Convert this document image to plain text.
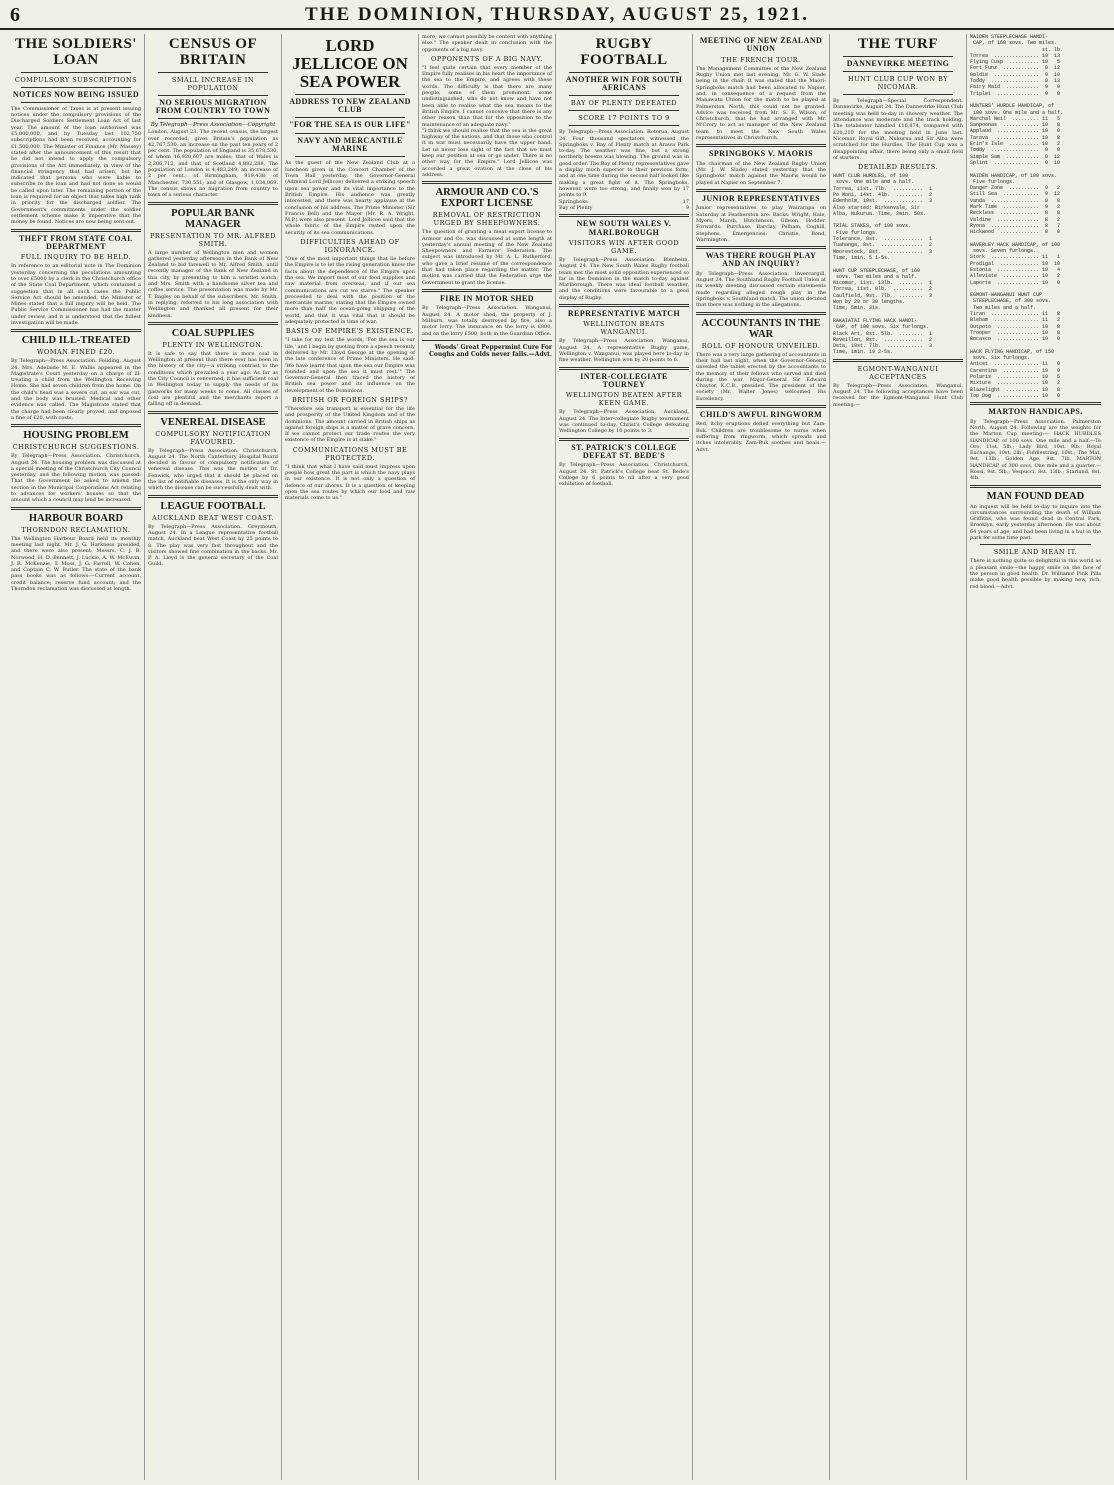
6	THE DOMINION, THURSDAY, AUGUST 25, 1921.
THE SOLDIERS' LOAN
COMPULSORY SUBSCRIPTIONS
NOTICES NOW BEING ISSUED
The Commissioner of Taxes is at present issuing notices under the compulsory provisions of the Discharged Soldiers Settlement Loan Act of last year. The amount of the loan authorised was £5,000,000, and by Tuesday last 102,750 subscriptions had been received, accounting for £1,500,000. The Minister of Finance (Mr. Massey) stated after the announcement of this result that he did not intend to apply the compulsory provisions of the Act immediately, in view of the financial stringency that had arisen, but he indicated that persons who were liable to subscribe to the loan and had not done so would be called upon later. The remaining portion of the loan is required for an object that takes high rank in priority for the discharged soldier. The Government's commitments under the soldier settlement scheme make it imperative that the money be found. Notices are now being sent out.
THEFT FROM STATE COAL DEPARTMENT
FULL INQUIRY TO BE HELD.
In reference to an editorial note in The Dominion yesterday concerning the peculations amounting to over £5000 by a clerk in the Christchurch office of the State Coal Department, which contained a suggestion that in all such cases the Public Service Act should be amended, the Minister of Mines stated that a full inquiry will be held. The Public Service Commissioner has had the matter under review, and it is understood that the fullest investigation will be made.
CHILD ILL-TREATED
WOMAN FINED £20.
By Telegraph—Press Association. Feilding, August 24. Mrs. Adelaide M. E. Wallis appeared in the Magistrate's Court yesterday on a charge of ill-treating a child from the Wellington Receiving Home. She had seven children from the home. On the child's head was a severe cut, an ear was cut, and the body was bruised. Medical and other evidence was called. The Magistrate stated that the charge had been clearly proved, and imposed a fine of £20, with costs.
HOUSING PROBLEM
CHRISTCHURCH SUGGESTIONS.
By Telegraph—Press Association. Christchurch, August 24. The housing problem was discussed at a special meeting of the Christchurch City Council yesterday, and the following motion was passed: That the Government be asked to amend the section in the Municipal Corporations Act relating to advances for workers' houses so that the amount which a council may lend be increased.
HARBOUR BOARD
THORNDON RECLAMATION.
The Wellington Harbour Board held its monthly meeting last night. Mr. J. G. Harkness presided, and there were also present: Messrs. C. J. B. Norwood, H. D. Bennett, J. Luckie, A. W. McEwan, J. R. McKenzie, T. Moss, J. G. Farrell, W. Cohen, and Captain C. W. Butler. The state of the bank pass books was as follows:—Current account, credit balance; reserve fund account; and the Thorndon reclamation was discussed at length.
CENSUS OF BRITAIN
SMALL INCREASE IN POPULATION
NO SERIOUS MIGRATION FROM COUNTRY TO TOWN
By Telegraph—Press Association—Copyright
London, August 23. The recent census, the largest ever recorded, gives Britain's population as 42,767,530, an increase on the past ten years of 2 per cent. The population of England is 35,678,530, of whom 16,920,607 are males; that of Wales is 2,206,712, and that of Scotland 4,882,288. The population of London is 4,483,249, an increase of 2 per cent.; of Birmingham, 919,438; of Manchester, 730,551; and of Glasgow, 1,034,069. The census shows no migration from country to town of a serious character.
POPULAR BANK MANAGER
PRESENTATION TO MR. ALFRED SMITH.
A large number of Wellington men and women gathered yesterday afternoon in the Bank of New Zealand to bid farewell to Mr. Alfred Smith, until recently manager of the Bank of New Zealand in this city, by presenting to him a wristlet watch, and Mrs. Smith with a handsome silver tea and coffee service. The presentation was made by Mr. T. Bagley on behalf of the subscribers. Mr. Smith, in replying, referred to his long association with Wellington and thanked all present for their kindness.
COAL SUPPLIES
PLENTY IN WELLINGTON.
It is safe to say that there is more coal in Wellington at present than there ever has been in the history of the city—a striking contrast to the conditions which prevailed a year ago. As far as the City Council is concerned, it has sufficient coal in Wellington today to supply the needs of its gasworks for many weeks to come. All classes of coal are plentiful and the merchants report a falling off in demand.
VENEREAL DISEASE
COMPULSORY NOTIFICATION FAVOURED.
By Telegraph—Press Association. Christchurch, August 24. The North Canterbury Hospital Board decided in favour of compulsory notification of venereal disease. This was the motion of Dr. Fenwick, who urged that it should be placed on the list of notifiable diseases. It is the only way in which the disease can be successfully dealt with.
LEAGUE FOOTBALL
AUCKLAND BEAT WEST COAST.
By Telegraph—Press Association. Greymouth, August 24. In a League representative football match, Auckland beat West Coast by 25 points to 8. The play was very fast throughout and the visitors showed fine combination in the backs. Mr. P. A. Lloyd is the general secretary of the Coal Guild.
LORD JELLICOE ON SEA POWER
ADDRESS TO NEW ZEALAND CLUB
"FOR THE SEA IS OUR LIFE"
NAVY AND MERCANTILE MARINE
As the guest of the New Zealand Club at a luncheon given in the Concert Chamber of the Town Hall yesterday, the Governor-General (Admiral Lord Jellicoe) delivered a striking speech upon sea power and its vital importance to the British Empire. His audience was greatly interested, and there was hearty applause at the conclusion of his address. The Prime Minister (Sir Francis Bell) and the Mayor (Mr. R. A. Wright, M.P.) were also present. Lord Jellicoe said that the whole fabric of the Empire rested upon the security of its sea communications.
DIFFICULTIES AHEAD OF IGNORANCE.
"One of the most important things that lie before the Empire is to let the rising generation know the facts about the dependence of the Empire upon the sea. We import most of our food supplies and raw material from overseas, and if our sea communications are cut we starve." The speaker proceeded to deal with the position of the mercantile marine, stating that the Empire owned more than half the ocean-going shipping of the world, and that it was vital that it should be adequately protected in time of war.
BASIS OF EMPIRE'S EXISTENCE.
"I take for my text the words, 'For the sea is our life,' and I begin by quoting from a speech recently delivered by Mr. Lloyd George at the opening of the late conference of Prime Ministers. He said: 'We have learnt that upon the sea our Empire was founded and upon the sea it must rest.'" The Governor-General then traced the history of British sea power and its influence on the development of the Dominions.
BRITISH OR FOREIGN SHIPS?
"Therefore sea transport is essential for the life and prosperity of the United Kingdom and of the dominions. The amount carried in British ships as against foreign ships is a matter of grave concern. If we cannot protect our trade routes the very existence of the Empire is at stake."
COMMUNICATIONS MUST BE PROTECTED.
"I think that what I have said must impress upon people how great the part is which the navy plays in our existence. It is not only a question of defence of our shores. It is a question of keeping open the sea routes by which our food and raw materials come to us."
more; we cannot possibly be content with anything else." The speaker dealt in conclusion with the opponents of a big navy.
OPPONENTS OF A BIG NAVY.
"I feel quite certain that every member of the Empire fully realises in his heart the importance of the sea to the Empire, and agrees with these words. The difficulty is that there are many people, some of them prominent, some undistinguished, who do not know and have not been able to realise what the sea means to the British Empire. I cannot conceive that there is any other reason than that for the opposition to the maintenance of an adequate navy."
"I think we should realise that the sea is the great highway of the nations, and that those who control it in war must necessarily have the upper hand. Let us never lose sight of the fact that we must keep our position at sea or go under. There is no other way for the Empire." Lord Jellicoe was accorded a great ovation at the close of his address.
ARMOUR AND CO.'S EXPORT LICENSE
REMOVAL OF RESTRICTION URGED BY SHEEPOWNERS.
The question of granting a meat export license to Armour and Co. was discussed at some length at yesterday's annual meeting of the New Zealand Sheepowners and Farmers' Federation. The subject was introduced by Mr. A. L. Rutherford, who gave a brief résumé of the correspondence that had taken place regarding the matter. The motion was carried that the Federation urge the Government to grant the license.
FIRE IN MOTOR SHED
By Telegraph—Press Association. Wanganui, August 24. A motor shed, the property of J. Milburn, was totally destroyed by fire, also a motor lorry. The insurance on the lorry is £800, and on the lorry £500, both in the Guardian Office.
Woods' Great Peppermint Cure For Coughs and Colds never fails.—Advt.
RUGBY FOOTBALL
ANOTHER WIN FOR SOUTH AFRICANS
BAY OF PLENTY DEFEATED
SCORE 17 POINTS TO 9
By Telegraph—Press Association. Rotorua, August 24. Four thousand spectators witnessed the Springboks v. Bay of Plenty match at Arawa Park to-day. The weather was fine, but a strong northerly breeze was blowing. The ground was in good order. The Bay of Plenty representatives gave a display much superior to their previous form, and at one time during the second half looked like making a great fight of it. The Springboks, however, were too strong, and finally won by 17 points to 9.
Springboks	17
Bay of Plenty	9
NEW SOUTH WALES V. MARLBOROUGH
VISITORS WIN AFTER GOOD GAME.
By Telegraph—Press Association. Blenheim, August 24. The New South Wales Rugby football team met the most solid opposition experienced so far in the Dominion in the match to-day against Marlborough. There was ideal football weather, and the conditions were favourable to a good display of Rugby.
REPRESENTATIVE MATCH
WELLINGTON BEATS WANGANUI.
By Telegraph—Press Association. Wanganui, August 24. A representative Rugby game, Wellington v. Wanganui, was played here to-day in fine weather. Wellington won by 20 points to 6.
INTER-COLLEGIATE TOURNEY
WELLINGTON BEATEN AFTER KEEN GAME.
By Telegraph—Press Association. Auckland, August 24. The Inter-collegiate Rugby tournament was continued to-day, Christ's College defeating Wellington College by 10 points to 3.
ST. PATRICK'S COLLEGE DEFEAT ST. BEDE'S
By Telegraph—Press Association. Christchurch, August 24. St. Patrick's College beat St. Bede's College by 6 points to nil after a very good exhibition of football.
MEETING OF NEW ZEALAND UNION
THE FRENCH TOUR.
The Management Committee of the New Zealand Rugby Union met last evening, Mr. G. W. Slade being in the chair. It was stated that the Maori-Springboks match had been allocated to Napier, and, in consequence of a request from the Manawatu Union for the match to be played at Palmerston North, this could not be granted. Advice was received from Mr. S. F. Wilson, of Christchurch, that he had arranged with Mr. M'Crory to act as manager of the New Zealand team to meet the New South Wales representatives in Christchurch.
SPRINGBOKS V. MAORIS
The chairman of the New Zealand Rugby Union (Mr. J. W. Slade) stated yesterday that the Springboks' match against the Maoris would be played at Napier on September 7.
JUNIOR REPRESENTATIVES
Junior representatives to play Wairarapa on Saturday at Featherston are: Backs: Wright, Hale, Myers, Marsh, Hutchinson, Gibson, Hodder. Forwards: Purchase, Barclay, Pelham, Coghill, Stephens. Emergencies: Christie, Bond, Warmington.
WAS THERE ROUGH PLAY AND AN INQUIRY?
By Telegraph—Press Association. Invercargill, August 24. The Southland Rugby Football Union at its weekly meeting discussed certain statements made regarding alleged rough play in the Springboks v. Southland match. The union decided that there was nothing in the allegations.
ACCOUNTANTS IN THE WAR
ROLL OF HONOUR UNVEILED.
There was a very large gathering of accountants in their hall last night, when the Governor-General unveiled the tablet erected by the accountants to the memory of their fellows who served and died during the war. Major-General Sir Edward Chaytor, K.C.B., presided. The president of the society (Mr. Walter Jones) welcomed His Excellency.
CHILD'S AWFUL RINGWORM
Red, itchy eruptions defied everything but Zam-Buk. Children are troublesome to nurse when suffering from ringworm, which spreads and itches intolerably. Zam-Buk soothes and heals.—Advt.
THE TURF
DANNEVIRKE MEETING
HUNT CLUB CUP WON BY NICOMAR.
By Telegraph—Special Correspondent. Dannevirke, August 24. The Dannevirke Hunt Club meeting was held to-day in showery weather. The attendance was moderate and the track holding. The totalisator handled £16,874, compared with £20,210 for the meeting held in June last. Nicomar, Royal Gift, Nukurua and Sir Alba were scratched for the Hurdles. The Hunt Cup was a disappointing affair, there being only a small field of starters.
DETAILED RESULTS.
HUNT CLUB HURDLES, of 100
sovs. One mile and a half.
Torrea, 11st. 7lb.  ..........  1
Po Moni, 14st. 4lb.  .........  2
Edenholm, 10st.  .............  3
Also started: Birkenvale, Sir
Alba, Nukurua. Time, 2min. 50s.

TRIAL STAKES, of 100 sovs.
Five furlongs.
Tolerance, 8st.  .............  1
Tuahanga, 8st.  ..............  2
Moorestock, 8st.  ............  3
Time, 1min. 5 1-5s.

HUNT CUP STEEPLECHASE, of 160
sovs. Two miles and a half.
Nicomar, 11st. 13lb.  ........  1
Torrea, 11st. 8lb.  ..........  2
Caulfield, 9st. 7lb.  ........  3
Won by 20 or 30 lengths.
Time, 5min. 31s.

RAKAIATAI FLYING HACK HANDI-
CAP, of 100 sovs. Six furlongs.
Black Art, 8st. 5lb.  ........  1
Reveillon, 8st.  .............  2
Deta, 10st. 7lb.  ............  3
Time, 1min. 19 2-5s.
EGMONT-WANGANUI ACCEPTANCES
By Telegraph—Press Association. Wanganui, August 24. The following acceptances have been received for the Egmont-Wanganui Hunt Club meeting:—
MAIDEN STEEPLECHASE HANDI-
CAP, of 160 sovs. Two miles.
st. lb.
Torrea  ............... 10  13
Flying Cusp  .......... 10   5
Fort Funz  ............  9  12
Goldie  ...............  9  10
Toddy  ................  9  13
Fairy Maid  ...........  9   9
Triplet  ..............  9   0

HUNTERS' HURDLE HANDICAP, of
100 sovs. One mile and a half.
Marchal Neil  ......... 11   5
Sanpoonas  ............ 10   8
Applaud  .............. 10   0
Tarava  ............... 10   8
Erin's Isle  .......... 10   2
Toddy  ................  9   0
Simple Sam  ...........  9  12
Splint  ...............  9  10

MAIDEN HANDICAP, of 100 sovs.
Five furlongs.
Danger Zone  ..........  9   2
Still Sea  ............  9  12
Vanda  ................  9   8
Mark Time  ............  9   2
Reckless  .............  8   8
Valdine  ..............  8   2
Ryona  ................  8   7
Hickwood  .............  8   0

WAVERLEY HACK HANDICAP, of 100
sovs. Seven furlongs.
Stork  ................ 11   1
Prodigal  ............. 10  10
Estonia  .............. 10   4
Alleviate  ............ 10   2
Laporte  .............. 10   0

EGMONT-WANGANUI HUNT CUP
STEEPLECHASE, of 300 sovs.
Two miles and a half.
Tiran  ................ 11   8
Blebam  ............... 11   2
Outpoto  .............. 10   8
Trooper  .............. 10   8
Bocasco  .............. 10   0

HACK FLYING HANDICAP, of 150
sovs. Six furlongs.
Anicet  ............... 11   0
Carentine  ............ 10   9
Polaris  .............. 10   5
Mixture  .............. 10   2
Blazelight  ........... 10   8
Top Dog  .............. 10   0
MARTON HANDICAPS.
By Telegraph—Press Association. Palmerston North, August 24. Following are the weights for the Marton Cup meeting:— HACK HURDLES HANDICAP, of 100 sovs. One mile and a half.—Te Oro, 11st. 5lb.; Lady Bird, 10st. 9lb.; Royal Exchange, 10st. 2lb.; Fiddlestring, 10st.; The Mat, 9st. 13lb.; Golden Age, 9st. 7lb. MARTON HANDICAP, of 300 sovs. One mile and a quarter.—Rossi, 9st. 5lb.; Vespucci, 8st. 13lb.; Starland, 8st. 4lb.
MAN FOUND DEAD
An inquest will be held to-day to inquire into the circumstances surrounding the death of William Griffiths, who was found dead in Central Park, Brooklyn, early yesterday afternoon. He was about 64 years of age, and had been living in a hut in the park for some time past.
SMILE AND MEAN IT.
There is nothing quite so delightful in this world as a pleasant smile—the happy smile on the face of the person in good health. Dr. Williams' Pink Pills make good health possible by making new, rich, red blood.—Advt.
